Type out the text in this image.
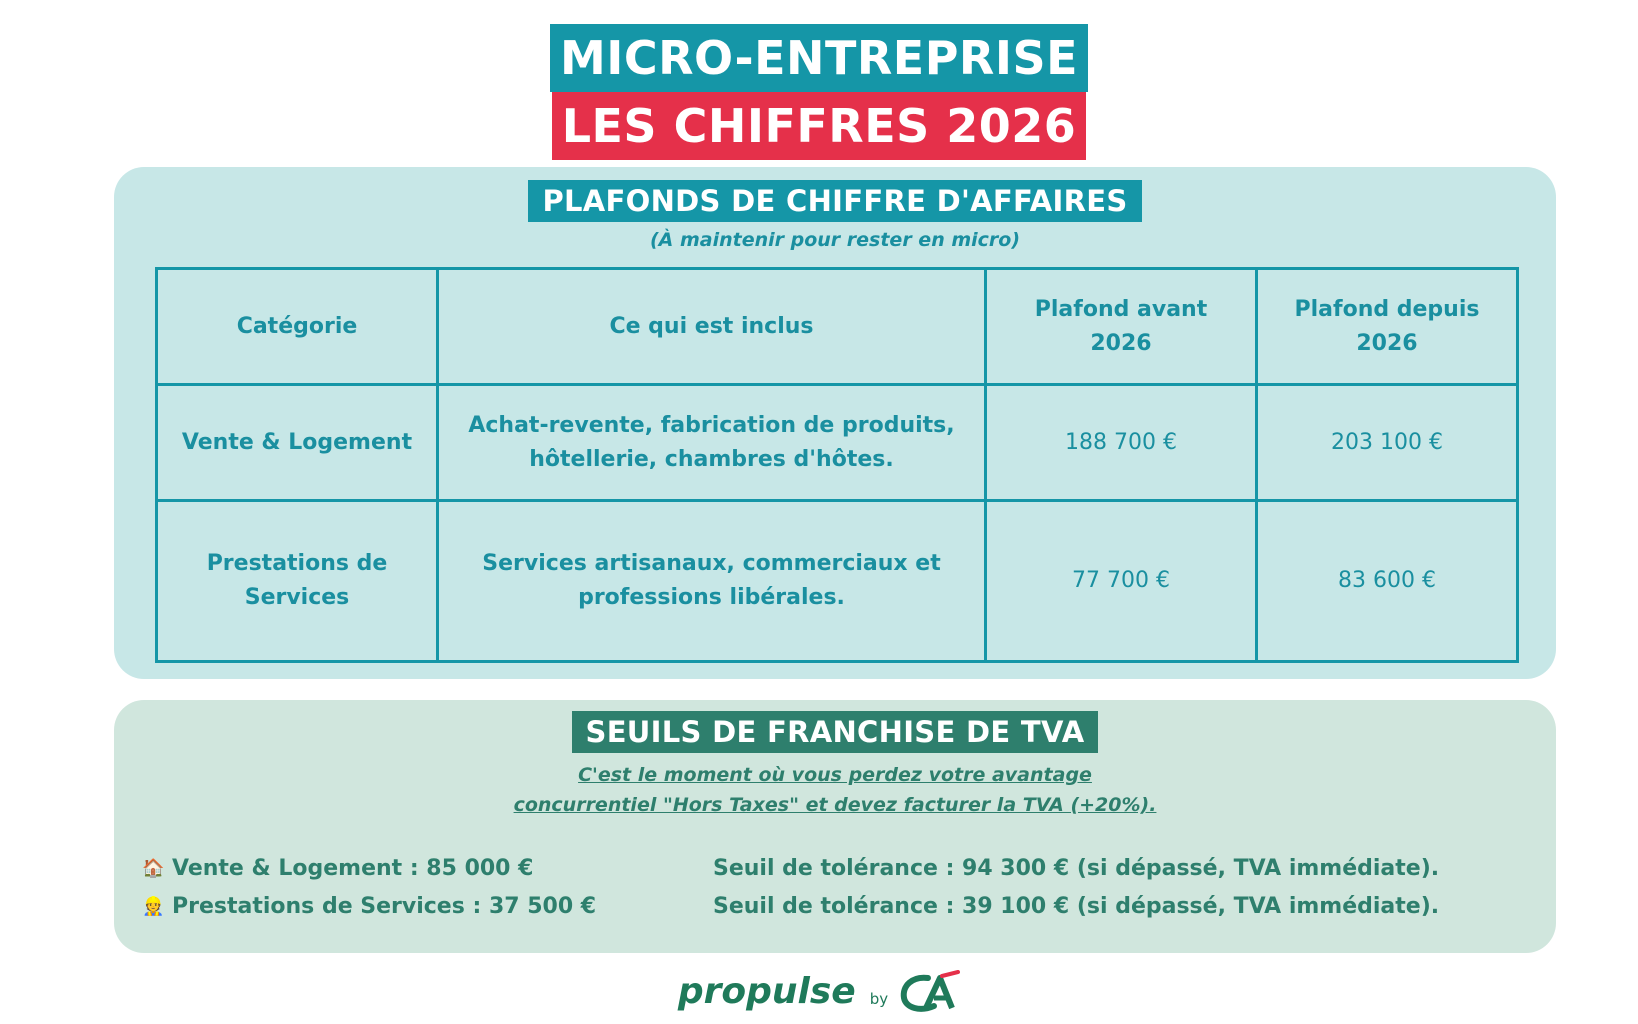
MICRO-ENTREPRISE
LES CHIFFRES 2026
PLAFONDS DE CHIFFRE D'AFFAIRES
(À maintenir pour rester en micro)
Catégorie	Ce qui est inclus	Plafond avant 2026	Plafond depuis 2026
Vente & Logement	Achat-revente, fabrication de produits, hôtellerie, chambres d'hôtes.	188 700 €	203 100 €
Prestations de Services	Services artisanaux, commerciaux et professions libérales.	77 700 €	83 600 €
SEUILS DE FRANCHISE DE TVA
C'est le moment où vous perdez votre avantage
concurrentiel "Hors Taxes" et devez facturer la TVA (+20%).
🏠 Vente & Logement : 85 000 €	Seuil de tolérance : 94 300 € (si dépassé, TVA immédiate).
👷 Prestations de Services : 37 500 €	Seuil de tolérance : 39 100 € (si dépassé, TVA immédiate).
propulse by
